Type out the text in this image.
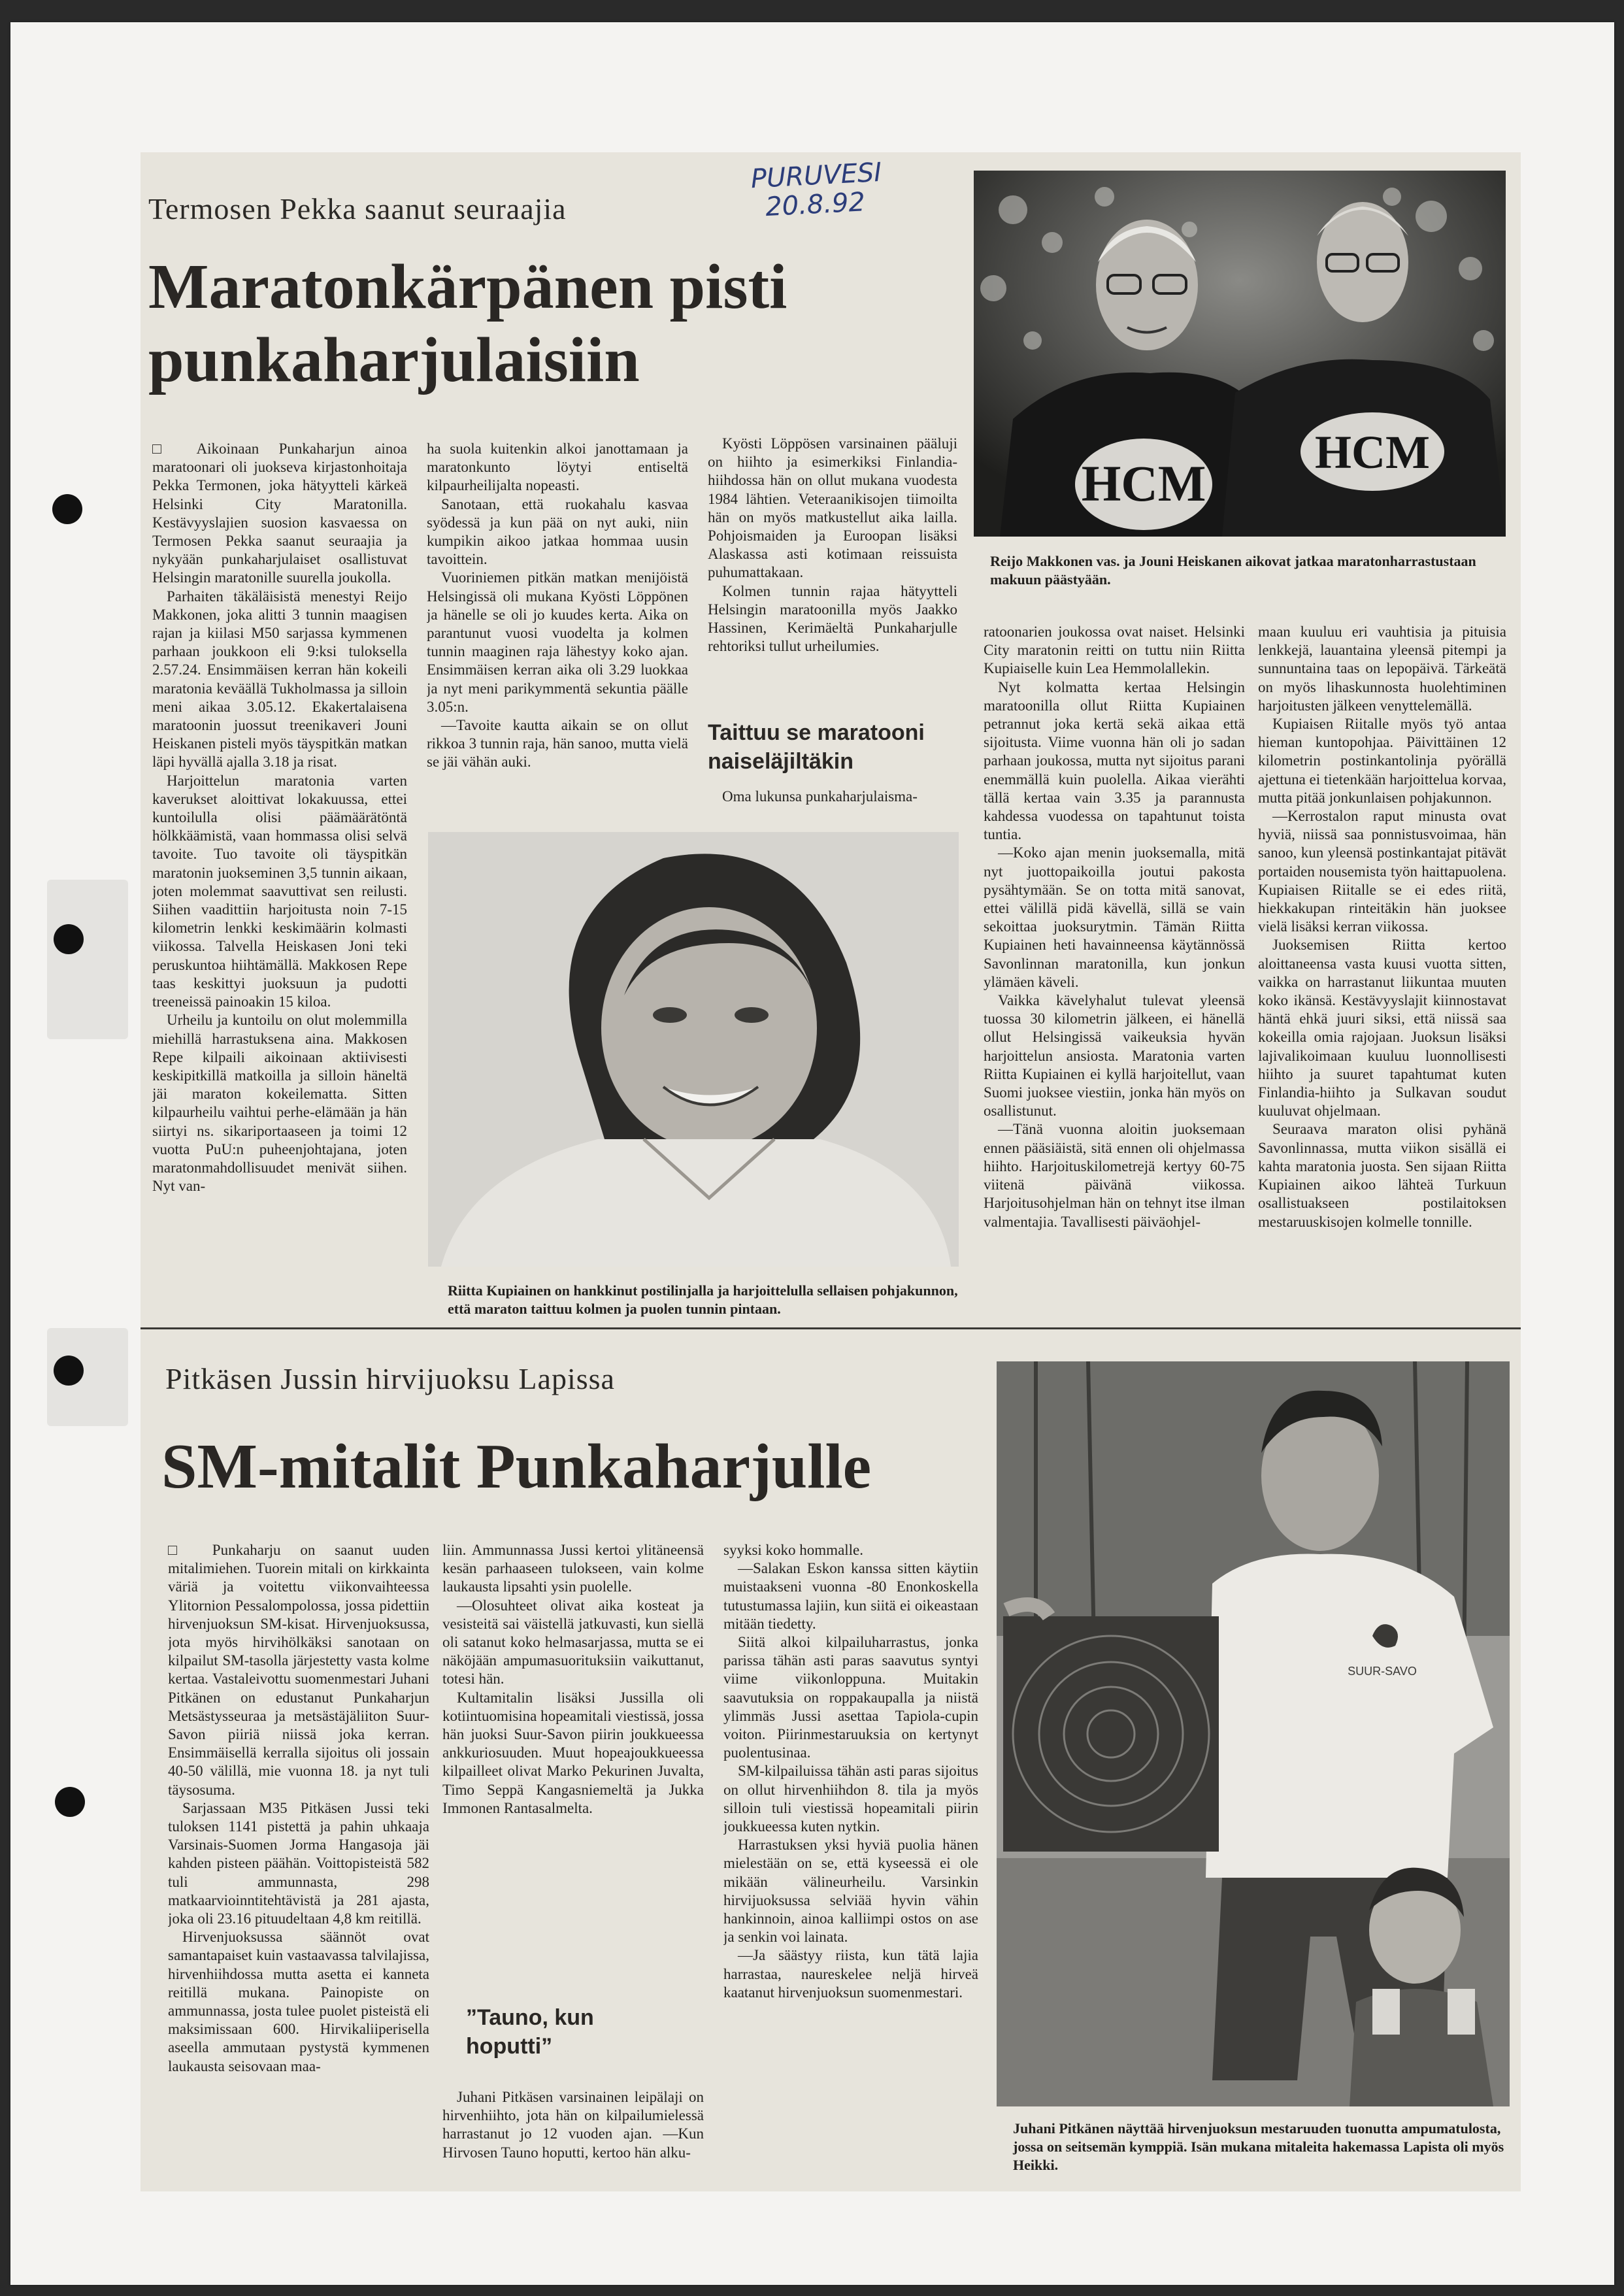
PURUVESI
20.8.92
Termosen Pekka saanut seuraajia
Maratonkärpänen pisti
punkaharjulaisiin
HCM
HCM
Reijo Makkonen vas. ja Jouni Heiskanen aikovat jatkaa maratonharrastustaan makuun päästyään.

□ Aikoinaan Punkaharjun ainoa maratoonari oli juokseva kirjastonhoitaja Pekka Termonen, joka hätyytteli kärkeä Helsinki City Maratonilla. Kestävyyslajien suosion kasvaessa on Termosen Pekka saanut seuraajia ja nykyään punkaharjulaiset osallistuvat Helsingin maratonille suurella joukolla.

Parhaiten täkäläisistä menestyi Reijo Makkonen, joka alitti 3 tunnin maagisen rajan ja kiilasi M50 sarjassa kymmenen parhaan joukkoon eli 9:ksi tuloksella 2.57.24. Ensimmäisen kerran hän kokeili maratonia keväällä Tukholmassa ja silloin meni aikaa 3.05.12. Ekakertalaisena maratoonin juossut treenikaveri Jouni Heiskanen pisteli myös täyspitkän matkan läpi hyvällä ajalla 3.18 ja risat.

Harjoittelun maratonia varten kaverukset aloittivat lokakuussa, ettei kuntoilulla olisi päämäärätöntä hölkkäämistä, vaan hommassa olisi selvä tavoite. Tuo tavoite oli täyspitkän maratonin juokseminen 3,5 tunnin aikaan, joten molemmat saavuttivat sen reilusti. Siihen vaadittiin harjoitusta noin 7-15 kilometrin lenkki keskimäärin kolmasti viikossa. Talvella Heiskasen Joni teki peruskuntoa hiihtämällä. Makkosen Repe taas keskittyi juoksuun ja pudotti treeneissä painoakin 15 kiloa.

Urheilu ja kuntoilu on olut molemmilla miehillä harrastuksena aina. Makkosen Repe kilpaili aikoinaan aktiivisesti keskipitkillä matkoilla ja silloin häneltä jäi maraton kokeilematta. Sitten kilpaurheilu vaihtui perhe-elämään ja hän siirtyi ns. sikariportaaseen ja toimi 12 vuotta PuU:n puheenjohtajana, joten maratonmahdollisuudet menivät siihen. Nyt van-

ha suola kuitenkin alkoi janottamaan ja maratonkunto löytyi entiseltä kilpaurheilijalta nopeasti.

Sanotaan, että ruokahalu kasvaa syödessä ja kun pää on nyt auki, niin kumpikin aikoo jatkaa hommaa uusin tavoittein.

Vuoriniemen pitkän matkan menijöistä Helsingissä oli mukana Kyösti Löppönen ja hänelle se oli jo kuudes kerta. Aika on parantunut vuosi vuodelta ja kolmen tunnin maaginen raja lähestyy koko ajan. Ensimmäisen kerran aika oli 3.29 luokkaa ja nyt meni parikymmentä sekuntia päälle 3.05:n.

—Tavoite kautta aikain se on ollut rikkoa 3 tunnin raja, hän sanoo, mutta vielä se jäi vähän auki.

Kyösti Löppösen varsinainen pääluji on hiihto ja esimerkiksi Finlandia-hiihdossa hän on ollut mukana vuodesta 1984 lähtien. Veteraanikisojen tiimoilta hän on myös matkustellut aika lailla. Pohjoismaiden ja Euroopan lisäksi Alaskassa asti kotimaan reissuista puhumattakaan.

Kolmen tunnin rajaa hätyytteli Helsingin maratoonilla myös Jaakko Hassinen, Kerimäeltä Punkaharjulle rehtoriksi tullut urheilumies.

Taittuu se maratooni naiseläjiltäkin

Oma lukunsa punkaharjulaisma-

Riitta Kupiainen on hankkinut postilinjalla ja harjoittelulla sellaisen pohjakunnon, että maraton taittuu kolmen ja puolen tunnin pintaan.

ratoonarien joukossa ovat naiset. Helsinki City maratonin reitti on tuttu niin Riitta Kupiaiselle kuin Lea Hemmolallekin.

Nyt kolmatta kertaa Helsingin maratoonilla ollut Riitta Kupiainen petrannut joka kertä sekä aikaa että sijoitusta. Viime vuonna hän oli jo sadan parhaan joukossa, mutta nyt sijoitus parani enemmällä kuin puolella. Aikaa vierähti tällä kertaa vain 3.35 ja parannusta kahdessa vuodessa on tapahtunut toista tuntia.

—Koko ajan menin juoksemalla, mitä nyt juottopaikoilla joutui pakosta pysähtymään. Se on totta mitä sanovat, ettei välillä pidä kävellä, sillä se vain sekoittaa juoksurytmin. Tämän Riitta Kupiainen heti havainneensa käytännössä Savonlinnan maratonilla, kun jonkun ylämäen käveli.

Vaikka kävelyhalut tulevat yleensä tuossa 30 kilometrin jälkeen, ei hänellä ollut Helsingissä vaikeuksia hyvän harjoittelun ansiosta. Maratonia varten Riitta Kupiainen ei kyllä harjoitellut, vaan Suomi juoksee viestiin, jonka hän myös on osallistunut.

—Tänä vuonna aloitin juoksemaan ennen pääsiäistä, sitä ennen oli ohjelmassa hiihto. Harjoituskilometrejä kertyy 60-75 viitenä päivänä viikossa. Harjoitusohjelman hän on tehnyt itse ilman valmentajia. Tavallisesti päiväohjel-

maan kuuluu eri vauhtisia ja pituisia lenkkejä, lauantaina yleensä pitempi ja sunnuntaina taas on lepopäivä. Tärkeätä on myös lihaskunnosta huolehtiminen harjoitusten jälkeen venyttelemällä.

Kupiaisen Riitalle myös työ antaa hieman kuntopohjaa. Päivittäinen 12 kilometrin postinkantolinja pyörällä ajettuna ei tietenkään harjoittelua korvaa, mutta pitää jonkunlaisen pohjakunnon.

—Kerrostalon raput minusta ovat hyviä, niissä saa ponnistusvoimaa, hän sanoo, kun yleensä postinkantajat pitävät portaiden nousemista työn haittapuolena. Kupiaisen Riitalle se ei edes riitä, hiekkakupan rinteitäkin hän juoksee vielä lisäksi kerran viikossa.

Juoksemisen Riitta kertoo aloittaneensa vasta kuusi vuotta sitten, vaikka on harrastanut liikuntaa muuten koko ikänsä. Kestävyyslajit kiinnostavat häntä ehkä juuri siksi, että niissä saa kokeilla omia rajojaan. Juoksun lisäksi lajivalikoimaan kuuluu luonnollisesti hiihto ja suuret tapahtumat kuten Finlandia-hiihto ja Sulkavan soudut kuuluvat ohjelmaan.

Seuraava maraton olisi pyhänä Savonlinnassa, mutta viikon sisällä ei kahta maratonia juosta. Sen sijaan Riitta Kupiainen aikoo lähteä Turkuun osallistuakseen postilaitoksen mestaruuskisojen kolmelle tonnille.

Pitkäsen Jussin hirvijuoksu Lapissa
SM-mitalit Punkaharjulle

□ Punkaharju on saanut uuden mitalimiehen. Tuorein mitali on kirkkainta väriä ja voitettu viikonvaihteessa Ylitornion Pessalompolossa, jossa pidettiin hirvenjuoksun SM-kisat. Hirvenjuoksussa, jota myös hirvihölkäksi sanotaan on kilpailut SM-tasolla järjestetty vasta kolme kertaa. Vastaleivottu suomenmestari Juhani Pitkänen on edustanut Punkaharjun Metsästysseuraa ja metsästäjäliiton Suur-Savon piiriä niissä joka kerran. Ensimmäisellä kerralla sijoitus oli jossain 40-50 välillä, mie vuonna 18. ja nyt tuli täysosuma.

Sarjassaan M35 Pitkäsen Jussi teki tuloksen 1141 pistettä ja pahin uhkaaja Varsinais-Suomen Jorma Hangasoja jäi kahden pisteen päähän. Voittopisteistä 582 tuli ammunnasta, 298 matkaarvioinntitehtävistä ja 281 ajasta, joka oli 23.16 pituudeltaan 4,8 km reitillä.

Hirvenjuoksussa säännöt ovat samantapaiset kuin vastaavassa talvilajissa, hirvenhiihdossa mutta asetta ei kanneta reitillä mukana. Painopiste on ammunnassa, josta tulee puolet pisteistä eli maksimissaan 600. Hirvikaliiperisella aseella ammutaan pystystä kymmenen laukausta seisovaan maa-

liin. Ammunnassa Jussi kertoi ylitäneensä kesän parhaaseen tulokseen, vain kolme laukausta lipsahti ysin puolelle.

—Olosuhteet olivat aika kosteat ja vesisteitä sai väistellä jatkuvasti, kun siellä oli satanut koko helmasarjassa, mutta se ei näköjään ampumasuorituksiin vaikuttanut, totesi hän.

Kultamitalin lisäksi Jussilla oli kotiintuomisina hopeamitali viestissä, jossa hän juoksi Suur-Savon piirin joukkueessa ankkuriosuuden. Muut hopeajoukkueessa kilpailleet olivat Marko Pekurinen Juvalta, Timo Seppä Kangasniemeltä ja Jukka Immonen Rantasalmelta.

”Tauno, kun hoputti”

Juhani Pitkäsen varsinainen leipälaji on hirvenhiihto, jota hän on kilpailumielessä harrastanut jo 12 vuoden ajan. —Kun Hirvosen Tauno hoputti, kertoo hän alku-

syyksi koko hommalle.

—Salakan Eskon kanssa sitten käytiin muistaakseni vuonna -80 Enonkoskella tutustumassa lajiin, kun siitä ei oikeastaan mitään tiedetty.

Siitä alkoi kilpailuharrastus, jonka parissa tähän asti paras saavutus syntyi viime viikonloppuna. Muitakin saavutuksia on roppakaupalla ja niistä ylimmäs Jussi asettaa Tapiola-cupin voiton. Piirinmestaruuksia on kertynyt puolentusinaa.

SM-kilpailuissa tähän asti paras sijoitus on ollut hirvenhiihdon 8. tila ja myös silloin tuli viestissä hopeamitali piirin joukkueessa kuten nytkin.

Harrastuksen yksi hyviä puolia hänen mielestään on se, että kyseessä ei ole mikään välineurheilu. Varsinkin hirvijuoksussa selviää hyvin vähin hankinnoin, ainoa kalliimpi ostos on ase ja senkin voi lainata.

—Ja säästyy riista, kun tätä lajia harrastaa, naureskelee neljä hirveä kaatanut hirvenjuoksun suomenmestari.

SUUR-SAVO
Juhani Pitkänen näyttää hirvenjuoksun mestaruuden tuonutta ampumatulosta, jossa on seitsemän kymppiä. Isän mukana mitaleita hakemassa Lapista oli myös Heikki.
